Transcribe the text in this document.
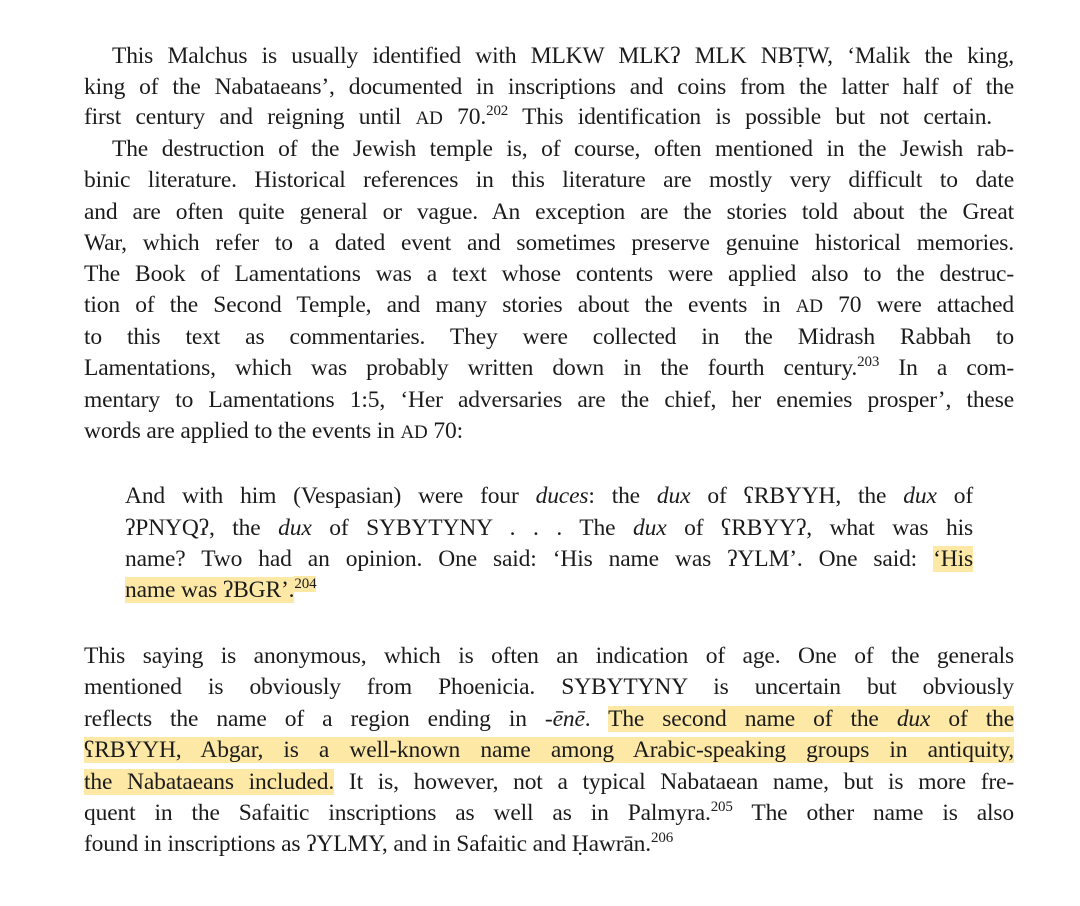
This Malchus is usually identified with MLKW MLKʔ MLK NBṬW, ‘Malik the king,
king of the Nabataeans’, documented in inscriptions and coins from the latter half of the
first century and reigning until AD 70.$^{202}$ This identification is possible but not certain.
The destruction of the Jewish temple is, of course, often mentioned in the Jewish rab-
binic literature. Historical references in this literature are mostly very difficult to date
and are often quite general or vague. An exception are the stories told about the Great
War, which refer to a dated event and sometimes preserve genuine historical memories.
The Book of Lamentations was a text whose contents were applied also to the destruc-
tion of the Second Temple, and many stories about the events in AD 70 were attached
to this text as commentaries. They were collected in the Midrash Rabbah to
Lamentations, which was probably written down in the fourth century.$^{203}$ In a com-
mentary to Lamentations 1:5, ‘Her adversaries are the chief, her enemies prosper’, these
words are applied to the events in AD 70:
And with him (Vespasian) were four duces: the dux of ʕRBYYH, the dux of
ʔPNYQʔ, the dux of SYBYTYNY . . . The dux of ʕRBYYʔ, what was his
name? Two had an opinion. One said: ‘His name was ʔYLM’. One said: ‘His
name was ʔBGR’.$^{204}$
This saying is anonymous, which is often an indication of age. One of the generals
mentioned is obviously from Phoenicia. SYBYTYNY is uncertain but obviously
reflects the name of a region ending in -ēnē. The second name of the dux of the
ʕRBYYH, Abgar, is a well-known name among Arabic-speaking groups in antiquity,
the Nabataeans included. It is, however, not a typical Nabataean name, but is more fre-
quent in the Safaitic inscriptions as well as in Palmyra.$^{205}$ The other name is also
found in inscriptions as ʔYLMY, and in Safaitic and Ḥawrān.$^{206}$
